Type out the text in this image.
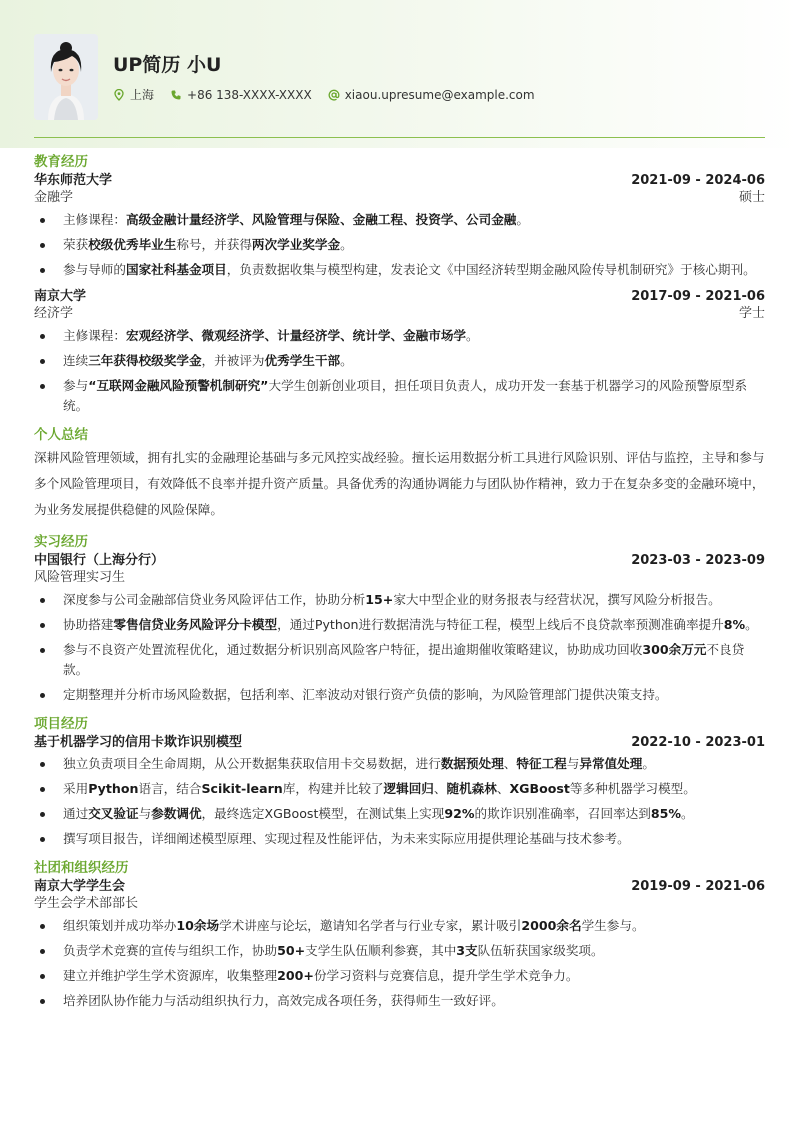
UP简历 小U
上海	+86 138-XXXX-XXXX	xiaou.upresume@example.com
教育经历
华东师范大学	2021-09 - 2024-06
金融学	硕士
主修课程：高级金融计量经济学、风险管理与保险、金融工程、投资学、公司金融。
荣获校级优秀毕业生称号，并获得两次学业奖学金。
参与导师的国家社科基金项目，负责数据收集与模型构建，发表论文《中国经济转型期金融风险传导机制研究》于核心期刊。
南京大学	2017-09 - 2021-06
经济学	学士
主修课程：宏观经济学、微观经济学、计量经济学、统计学、金融市场学。
连续三年获得校级奖学金，并被评为优秀学生干部。
参与“互联网金融风险预警机制研究”大学生创新创业项目，担任项目负责人，成功开发一套基于机器学习的风险预警原型系统。
个人总结

深耕风险管理领域，拥有扎实的金融理论基础与多元风控实战经验。擅长运用数据分析工具进行风险识别、评估与监控，主导和参与多个风险管理项目，有效降低不良率并提升资产质量。具备优秀的沟通协调能力与团队协作精神，致力于在复杂多变的金融环境中，为业务发展提供稳健的风险保障。

实习经历
中国银行（上海分行）	2023-03 - 2023-09
风险管理实习生
深度参与公司金融部信贷业务风险评估工作，协助分析15+家大中型企业的财务报表与经营状况，撰写风险分析报告。
协助搭建零售信贷业务风险评分卡模型，通过Python进行数据清洗与特征工程，模型上线后不良贷款率预测准确率提升8%。
参与不良资产处置流程优化，通过数据分析识别高风险客户特征，提出逾期催收策略建议，协助成功回收300余万元不良贷款。
定期整理并分析市场风险数据，包括利率、汇率波动对银行资产负债的影响，为风险管理部门提供决策支持。
项目经历
基于机器学习的信用卡欺诈识别模型	2022-10 - 2023-01
独立负责项目全生命周期，从公开数据集获取信用卡交易数据，进行数据预处理、特征工程与异常值处理。
采用Python语言，结合Scikit-learn库，构建并比较了逻辑回归、随机森林、XGBoost等多种机器学习模型。
通过交叉验证与参数调优，最终选定XGBoost模型，在测试集上实现92%的欺诈识别准确率，召回率达到85%。
撰写项目报告，详细阐述模型原理、实现过程及性能评估，为未来实际应用提供理论基础与技术参考。
社团和组织经历
南京大学学生会	2019-09 - 2021-06
学生会学术部部长
组织策划并成功举办10余场学术讲座与论坛，邀请知名学者与行业专家，累计吸引2000余名学生参与。
负责学术竞赛的宣传与组织工作，协助50+支学生队伍顺利参赛，其中3支队伍斩获国家级奖项。
建立并维护学生学术资源库，收集整理200+份学习资料与竞赛信息，提升学生学术竞争力。
培养团队协作能力与活动组织执行力，高效完成各项任务，获得师生一致好评。
